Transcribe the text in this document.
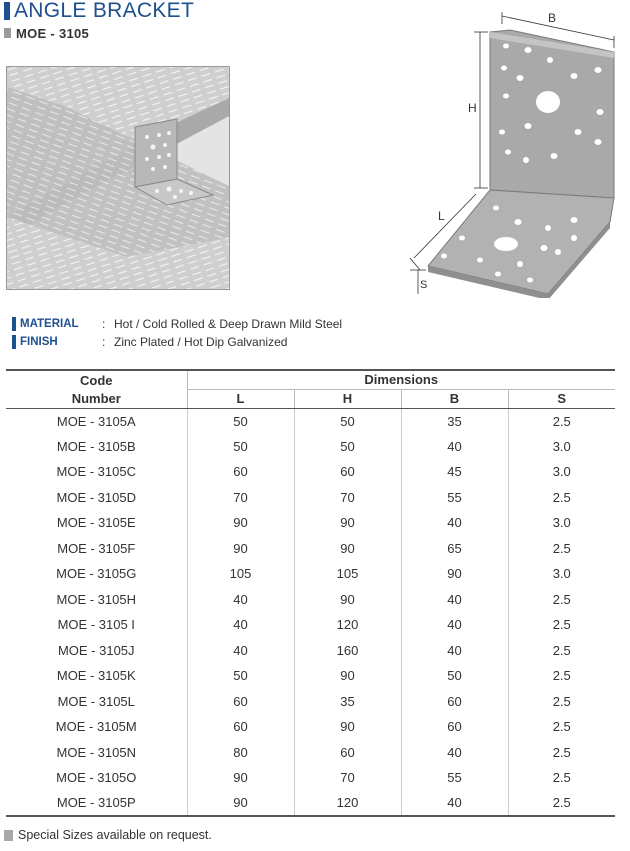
ANGLE BRACKET
MOE - 3105
B
H
L
S
MATERIAL	: Hot / Cold Rolled & Deep Drawn Mild Steel
FINISH	: Zinc Plated / Hot Dip Galvanized
Code	Dimensions			
Number	L	H	B	S
MOE - 3105A	50	50	35	2.5
MOE - 3105B	50	50	40	3.0
MOE - 3105C	60	60	45	3.0
MOE - 3105D	70	70	55	2.5
MOE - 3105E	90	90	40	3.0
MOE - 3105F	90	90	65	2.5
MOE - 3105G	105	105	90	3.0
MOE - 3105H	40	90	40	2.5
MOE - 3105 I	40	120	40	2.5
MOE - 3105J	40	160	40	2.5
MOE - 3105K	50	90	50	2.5
MOE - 3105L	60	35	60	2.5
MOE - 3105M	60	90	60	2.5
MOE - 3105N	80	60	40	2.5
MOE - 3105O	90	70	55	2.5
MOE - 3105P	90	120	40	2.5
Special Sizes available on request.
